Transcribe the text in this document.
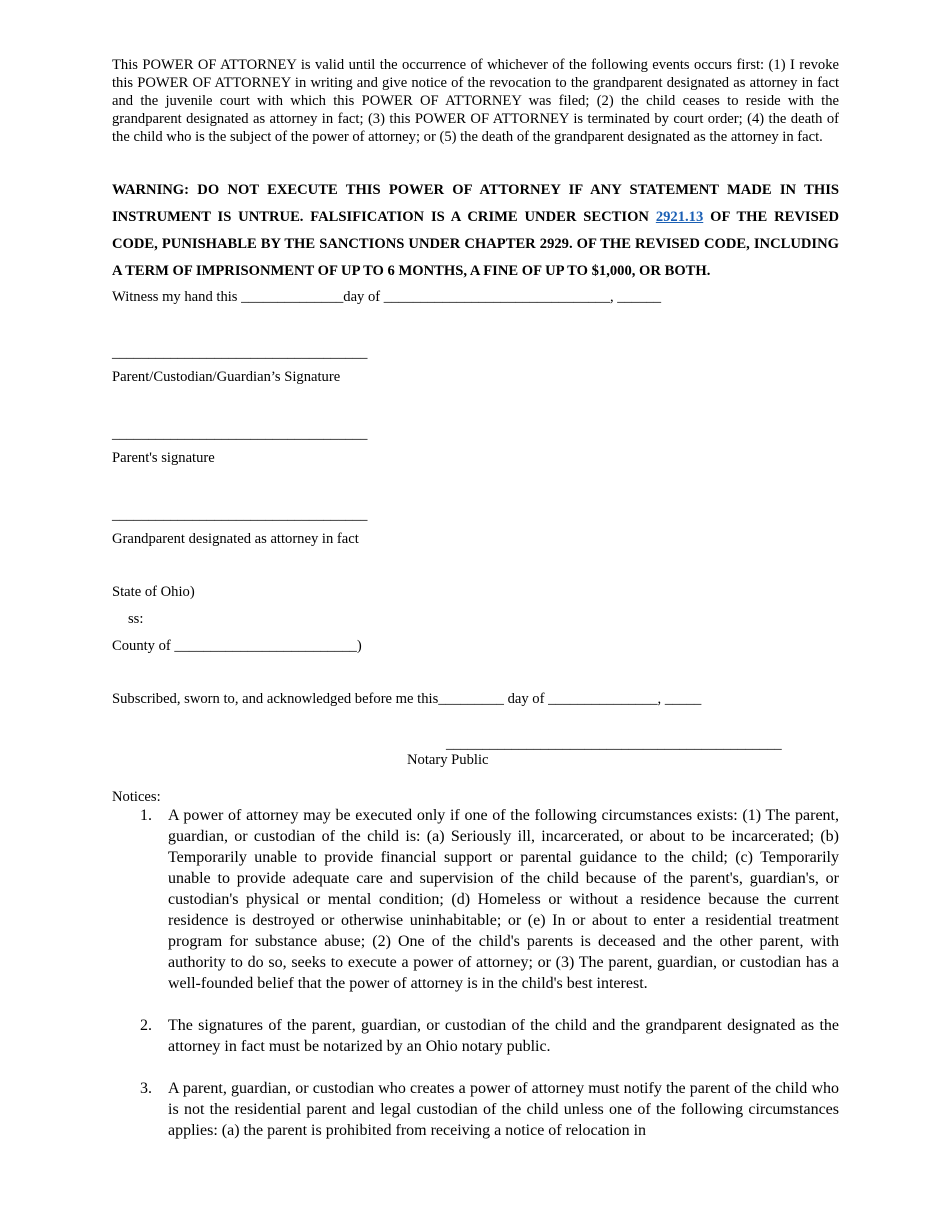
This POWER OF ATTORNEY is valid until the occurrence of whichever of the following events occurs first: (1) I revoke this POWER OF ATTORNEY in writing and give notice of the revocation to the grandparent designated as attorney in fact and the juvenile court with which this POWER OF ATTORNEY was filed; (2) the child ceases to reside with the grandparent designated as attorney in fact; (3) this POWER OF ATTORNEY is terminated by court order; (4) the death of the child who is the subject of the power of attorney; or (5) the death of the grandparent designated as the attorney in fact.

WARNING: DO NOT EXECUTE THIS POWER OF ATTORNEY IF ANY STATEMENT MADE IN THIS INSTRUMENT IS UNTRUE. FALSIFICATION IS A CRIME UNDER SECTION 2921.13 OF THE REVISED CODE, PUNISHABLE BY THE SANCTIONS UNDER CHAPTER 2929. OF THE REVISED CODE, INCLUDING A TERM OF IMPRISONMENT OF UP TO 6 MONTHS, A FINE OF UP TO $1,000, OR BOTH.

Witness my hand this ______________day of _______________________________, ______
___________________________________
Parent/Custodian/Guardian’s Signature
___________________________________
Parent's signature
___________________________________
Grandparent designated as attorney in fact
State of Ohio)
ss:
County of _________________________)
Subscribed, sworn to, and acknowledged before me this_________ day of _______________, _____
______________________________________________
Notary Public
Notices:
1. A power of attorney may be executed only if one of the following circumstances exists: (1) The parent, guardian, or custodian of the child is: (a) Seriously ill, incarcerated, or about to be incarcerated; (b) Temporarily unable to provide financial support or parental guidance to the child; (c) Temporarily unable to provide adequate care and supervision of the child because of the parent's, guardian's, or custodian's physical or mental condition; (d) Homeless or without a residence because the current residence is destroyed or otherwise uninhabitable; or (e) In or about to enter a residential treatment program for substance abuse; (2) One of the child's parents is deceased and the other parent, with authority to do so, seeks to execute a power of attorney; or (3) The parent, guardian, or custodian has a well-founded belief that the power of attorney is in the child's best interest.
2. The signatures of the parent, guardian, or custodian of the child and the grandparent designated as the attorney in fact must be notarized by an Ohio notary public.
3. A parent, guardian, or custodian who creates a power of attorney must notify the parent of the child who is not the residential parent and legal custodian of the child unless one of the following circumstances applies: (a) the parent is prohibited from receiving a notice of relocation in
